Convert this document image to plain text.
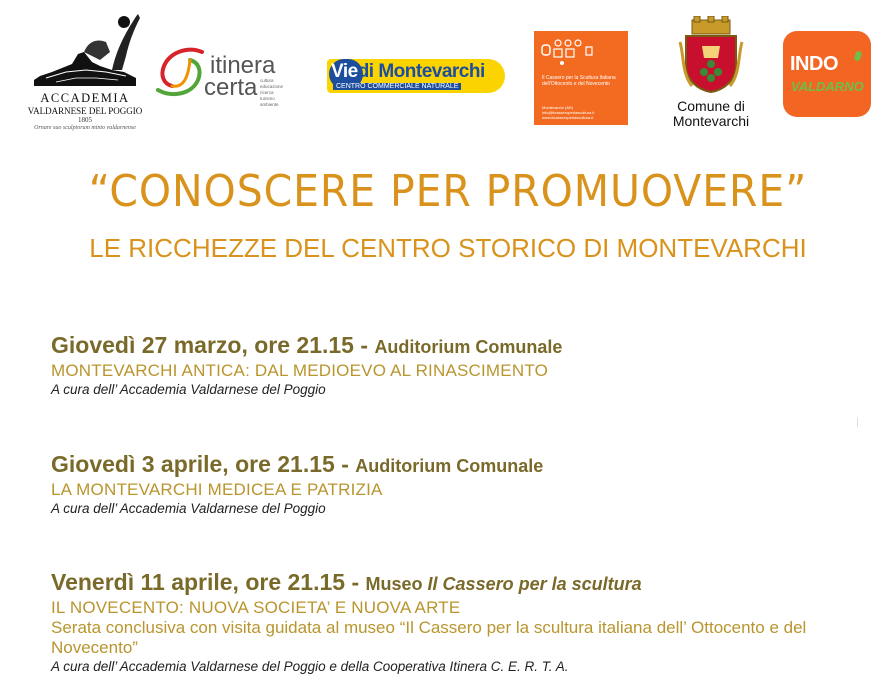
ACCADEMIA
VALDARNESE DEL POGGIO
1805
Ornare suo sculptorum minto valdarnense
itinera
certa cultura
educazione
ricerca
turismo
ambiente
Viedi Montevarchi
CENTRO COMMERCIALE NATURALE
Il Cassero per la Scultura Italiana dell'Ottocento e del Novecento
Montevarchi (AR) info@ilcasseroperlascultura.it www.ilcasseroperlascultura.it
Comune di
Montevarchi
INDO
VALDARNO
“CONOSCERE PER PROMUOVERE”
LE RICCHEZZE DEL CENTRO STORICO DI MONTEVARCHI
Giovedì 27 marzo, ore 21.15 - Auditorium Comunale
MONTEVARCHI ANTICA: DAL MEDIOEVO AL RINASCIMENTO
A cura dell’ Accademia Valdarnese del Poggio
Giovedì 3 aprile, ore 21.15 - Auditorium Comunale
LA MONTEVARCHI MEDICEA E PATRIZIA
A cura dell’ Accademia Valdarnese del Poggio
Venerdì 11 aprile, ore 21.15 - Museo Il Cassero per la scultura
IL NOVECENTO: NUOVA SOCIETA’ E NUOVA ARTE
Serata conclusiva con visita guidata al museo “Il Cassero per la scultura italiana dell’ Ottocento e del Novecento”
A cura dell’ Accademia Valdarnese del Poggio e della Cooperativa Itinera C. E. R. T. A.
